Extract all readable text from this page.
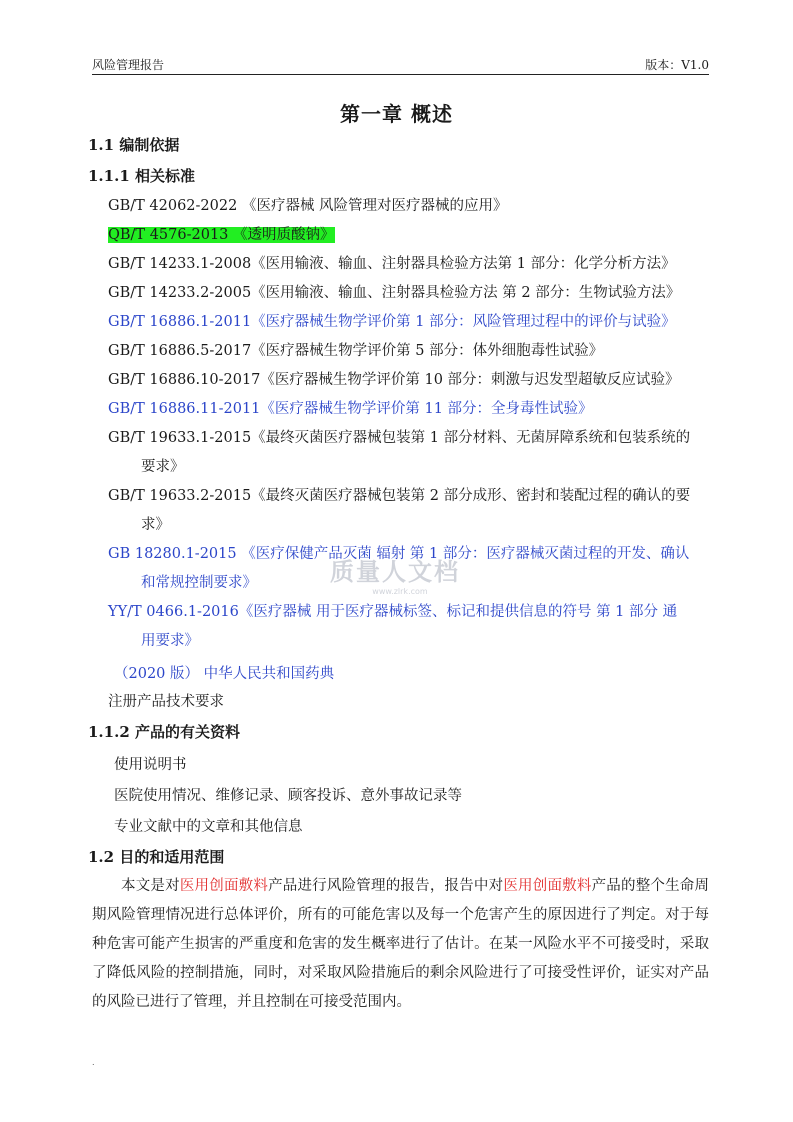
风险管理报告	版本：V1.0
第一章 概述
1.1 编制依据
1.1.1 相关标准
GB/T 42062-2022 《医疗器械 风险管理对医疗器械的应用》
QB/T 4576-2013 《透明质酸钠》
GB/T 14233.1-2008《医用输液、输血、注射器具检验方法第 1 部分：化学分析方法》
GB/T 14233.2-2005《医用输液、输血、注射器具检验方法 第 2 部分：生物试验方法》
GB/T 16886.1-2011《医疗器械生物学评价第 1 部分：风险管理过程中的评价与试验》
GB/T 16886.5-2017《医疗器械生物学评价第 5 部分：体外细胞毒性试验》
GB/T 16886.10-2017《医疗器械生物学评价第 10 部分：刺激与迟发型超敏反应试验》
GB/T 16886.11-2011《医疗器械生物学评价第 11 部分：全身毒性试验》
GB/T 19633.1-2015《最终灭菌医疗器械包装第 1 部分材料、无菌屏障系统和包装系统的
要求》
GB/T 19633.2-2015《最终灭菌医疗器械包装第 2 部分成形、密封和装配过程的确认的要
求》
GB 18280.1-2015 《医疗保健产品灭菌 辐射 第 1 部分：医疗器械灭菌过程的开发、确认
和常规控制要求》
YY/T 0466.1-2016《医疗器械 用于医疗器械标签、标记和提供信息的符号 第 1 部分 通
用要求》
（2020 版） 中华人民共和国药典
注册产品技术要求
1.1.2 产品的有关资料
使用说明书
医院使用情况、维修记录、顾客投诉、意外事故记录等
专业文献中的文章和其他信息
1.2 目的和适用范围
本文是对医用创面敷料产品进行风险管理的报告，报告中对医用创面敷料产品的整个生命周期风险管理情况进行总体评价，所有的可能危害以及每一个危害产生的原因进行了判定。对于每种危害可能产生损害的严重度和危害的发生概率进行了估计。在某一风险水平不可接受时，采取了降低风险的控制措施，同时，对采取风险措施后的剩余风险进行了可接受性评价，证实对产品的风险已进行了管理，并且控制在可接受范围内。
质量人文档
www.zlrk.com
.
